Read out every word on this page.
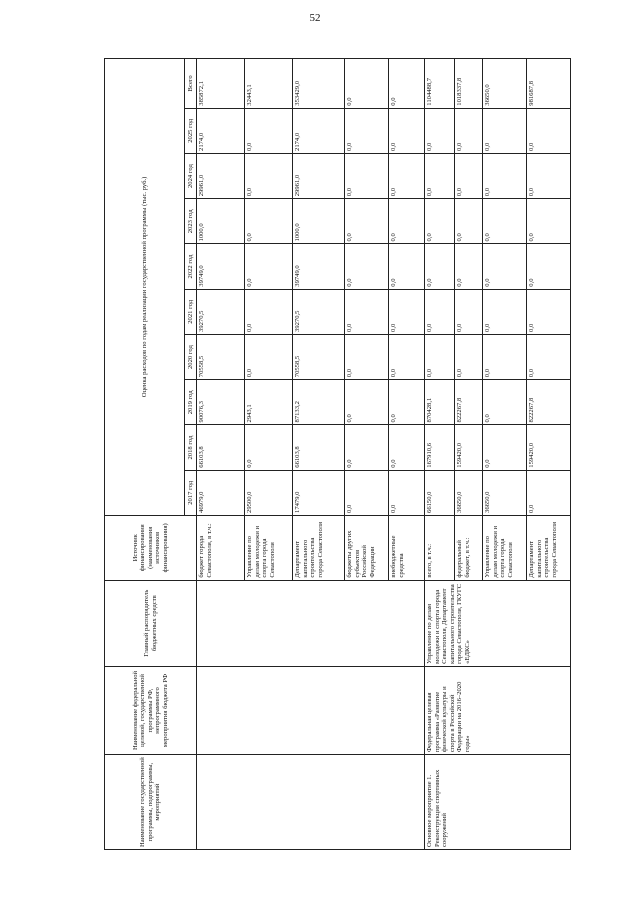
52
Наименование государственной программы, подпрограммы, мероприятий	Наименование федеральной целевой, государственной программы РФ, непрограммного мероприятия бюджета РФ	Главный распорядитель бюджетных средств	Источник финансирования (наименования источников финансирования)	Оценка расходов по годам реализации государственной программы (тыс. руб.)									
				2017 год	2018 год	2019 год	2020 год	2021 год	2022 год	2023 год	2024 год	2025 год	Всего
			бюджет города Севастополя, в т.ч.:	46979,0	66103,8	90076,3	70558,5	39270,5	39749,0	1000,0	29961,0	2174,0	385872,1
			Управление по делам молодежи и спорта города Севастополя	29500,0	0,0	2943,1	0,0	0,0	0,0	0,0	0,0	0,0	32443,1
			Департамент капитального строительства города Севастополя	17479,0	66103,8	87133,2	70558,5	39270,5	39749,0	1000,0	29961,0	2174,0	353429,0
			бюджеты других субъектов Российской Федерации	0,0	0,0	0,0	0,0	0,0	0,0	0,0	0,0	0,0	0,0
			внебюджетные средства	0,0	0,0	0,0	0,0	0,0	0,0	0,0	0,0	0,0	0,0
Основное мероприятие 1. Реконструкция спортивных сооружений	Федеральная целевая программа «Развитие физической культуры и спорта в Российской Федерации на 2016–2020 годы»	Управление по делам молодежи и спорта города Севастополя, Департамент капитального строительства города Севастополя, ГКУГС «ЕДКС»	всего, в т.ч.:	66150,0	167910,6	870428,1	0,0	0,0	0,0	0,0	0,0	0,0	1104488,7
			федеральный бюджет, в т.ч.:	36650,0	159420,0	822267,8	0,0	0,0	0,0	0,0	0,0	0,0	1018337,8
			Управление по делам молодежи и спорта города Севастополя	36650,0	0,0	0,0	0,0	0,0	0,0	0,0	0,0	0,0	36650,0
			Департамент капитального строительства города Севастополя	0,0	159420,0	822267,8	0,0	0,0	0,0	0,0	0,0	0,0	981687,8
